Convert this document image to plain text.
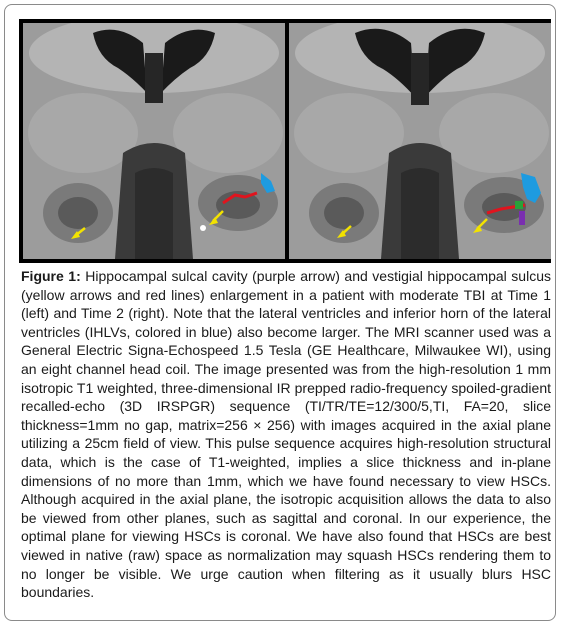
Figure 1: Hippocampal sulcal cavity (purple arrow) and vestigial hippocampal sulcus (yellow arrows and red lines) enlargement in a patient with moderate TBI at Time 1 (left) and Time 2 (right). Note that the lateral ventricles and inferior horn of the lateral ventricles (IHLVs, colored in blue) also become larger. The MRI scanner used was a General Electric Signa-Echospeed 1.5 Tesla (GE Healthcare, Milwaukee WI), using an eight channel head coil. The image presented was from the high-resolution 1 mm isotropic T1 weighted, three-dimensional IR prepped radio-frequency spoiled-gradient recalled-echo (3D IRSPGR) sequence (TI/TR/TE=12/300/5,TI, FA=20, slice thickness=1mm no gap, matrix=256 × 256) with images acquired in the axial plane utilizing a 25cm field of view. This pulse sequence acquires high-resolution structural data, which is the case of T1-weighted, implies a slice thickness and in-plane dimensions of no more than 1mm, which we have found necessary to view HSCs. Although acquired in the axial plane, the isotropic acquisition allows the data to also be viewed from other planes, such as sagittal and coronal. In our experience, the optimal plane for viewing HSCs is coronal. We have also found that HSCs are best viewed in native (raw) space as normalization may squash HSCs rendering them to no longer be visible. We urge caution when filtering as it usually blurs HSC boundaries.
